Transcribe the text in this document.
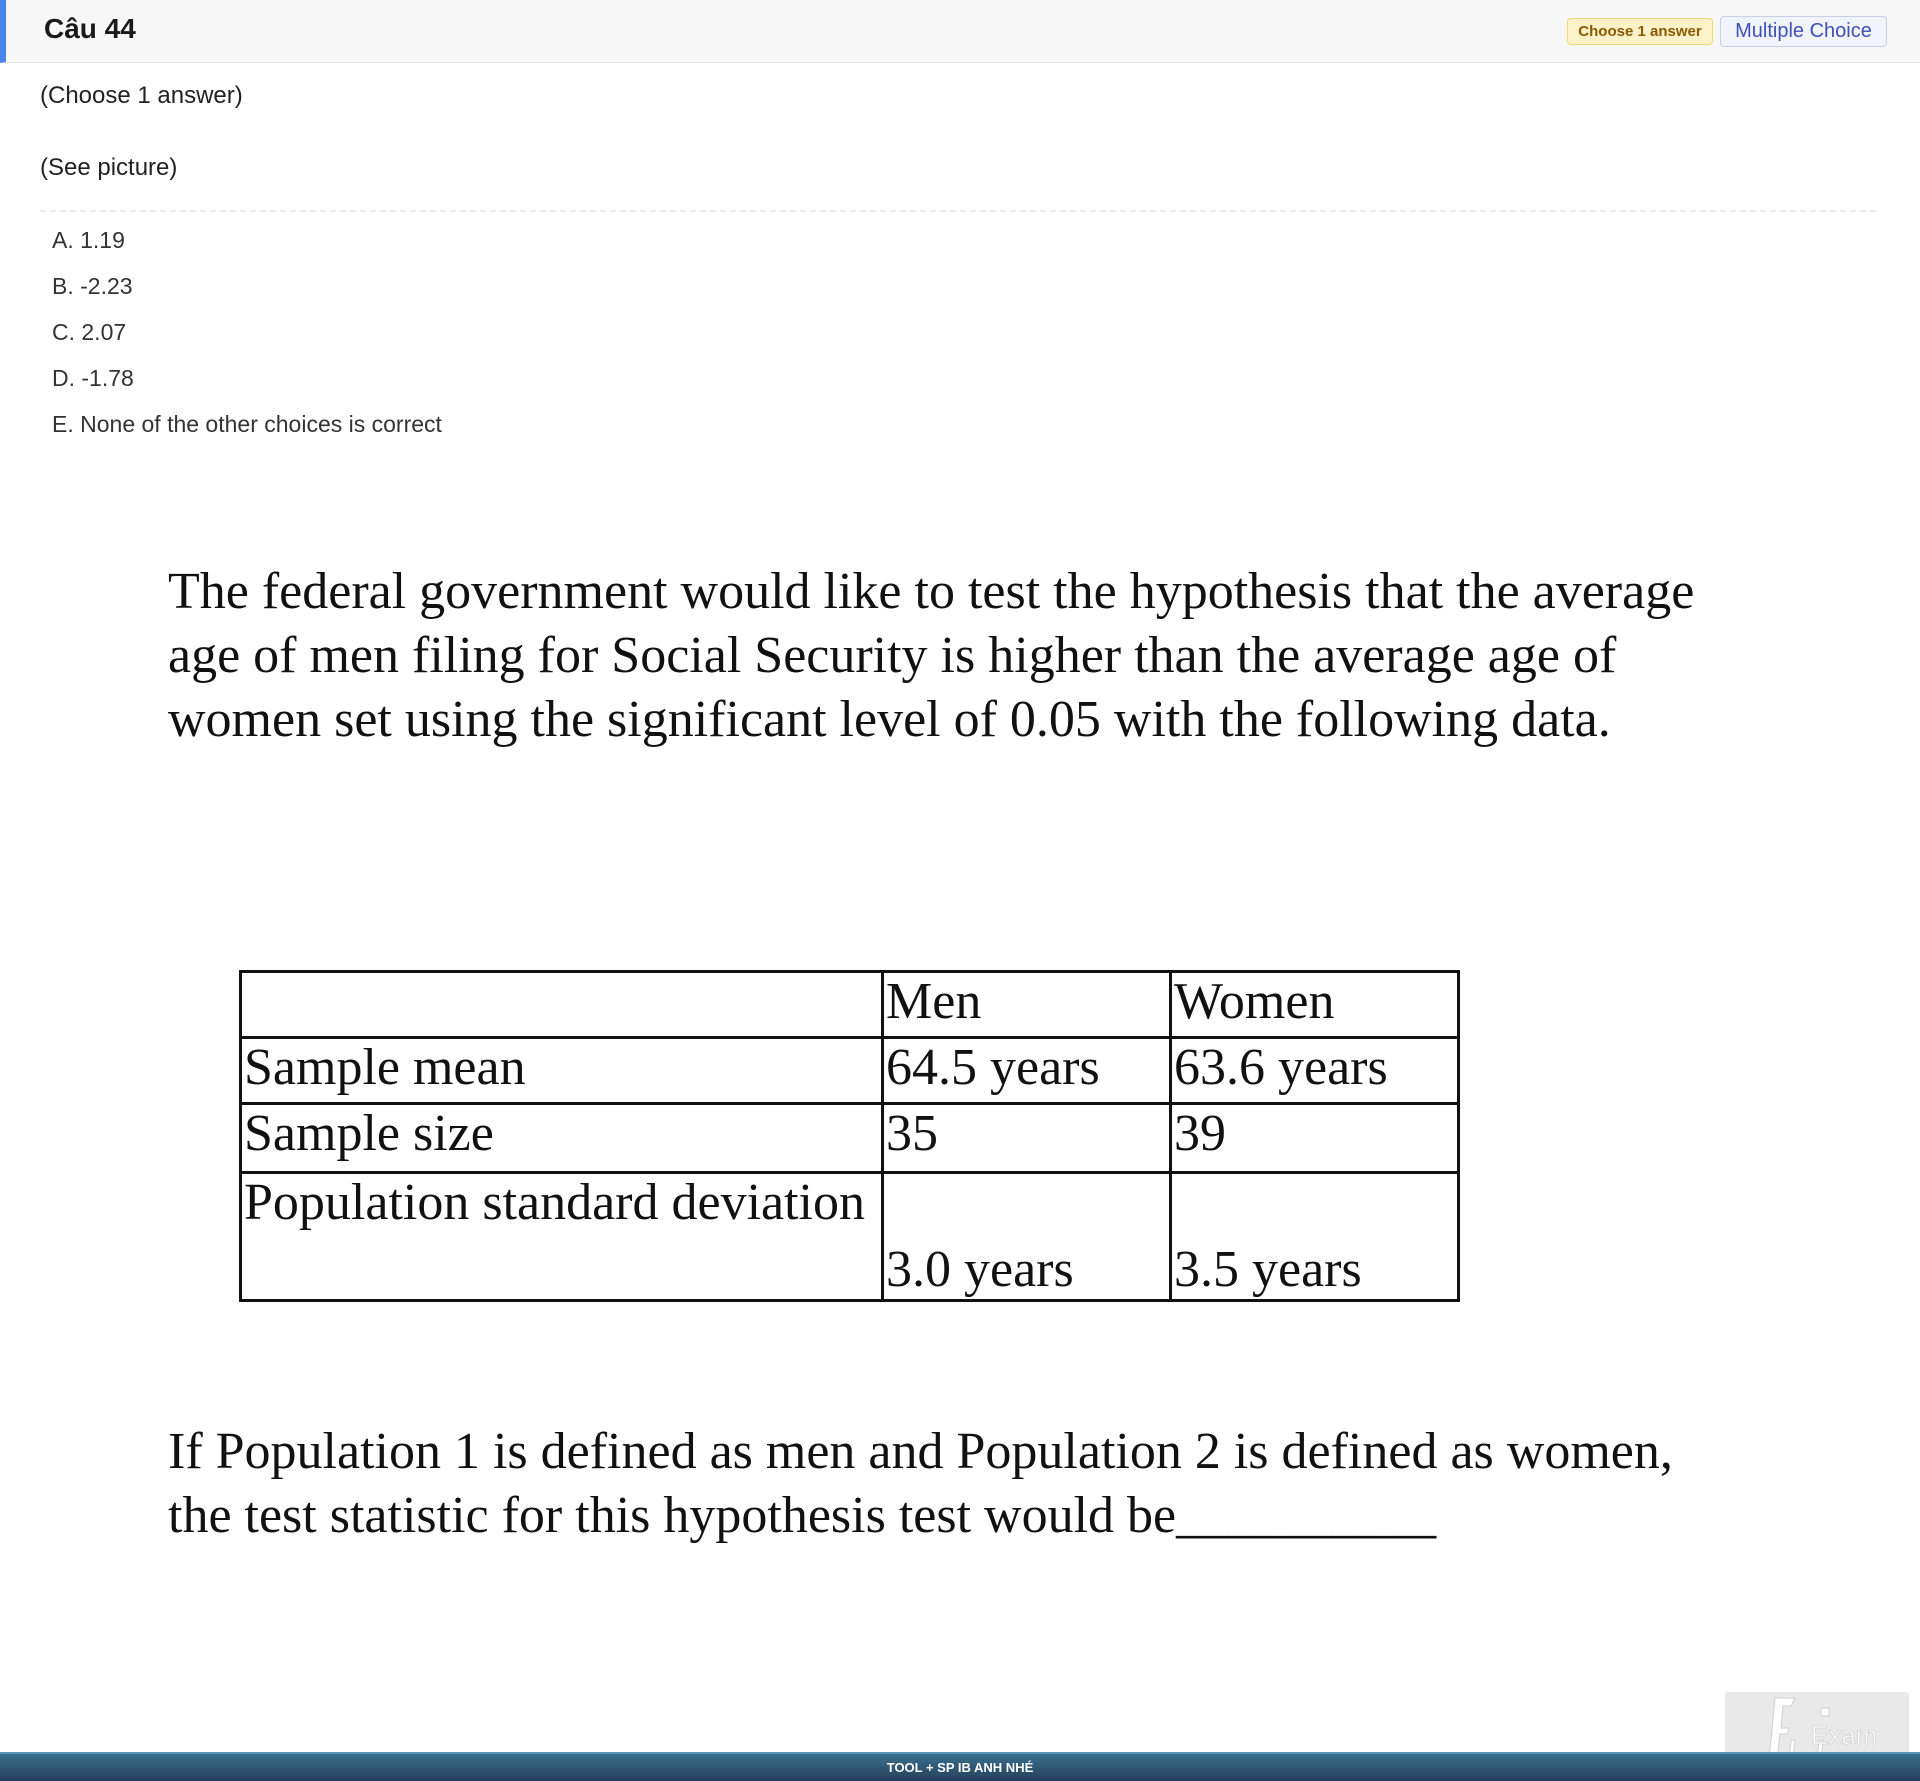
Câu 44	Choose 1 answer	Multiple Choice
(Choose 1 answer)
(See picture)
A. 1.19
B. -2.23
C. 2.07
D. -1.78
E. None of the other choices is correct
The federal government would like to test the hypothesis that the average age of men filing for Social Security is higher than the average age of women set using the significant level of 0.05 with the following data.
	Men	Women
Sample mean	64.5 years	63.6 years
Sample size	35	39
Population standard deviation	3.0 years	3.5 years
If Population 1 is defined as men and Population 2 is defined as women, the test statistic for this hypothesis test would be__________
Exam
TOOL + SP IB ANH NHÉ
